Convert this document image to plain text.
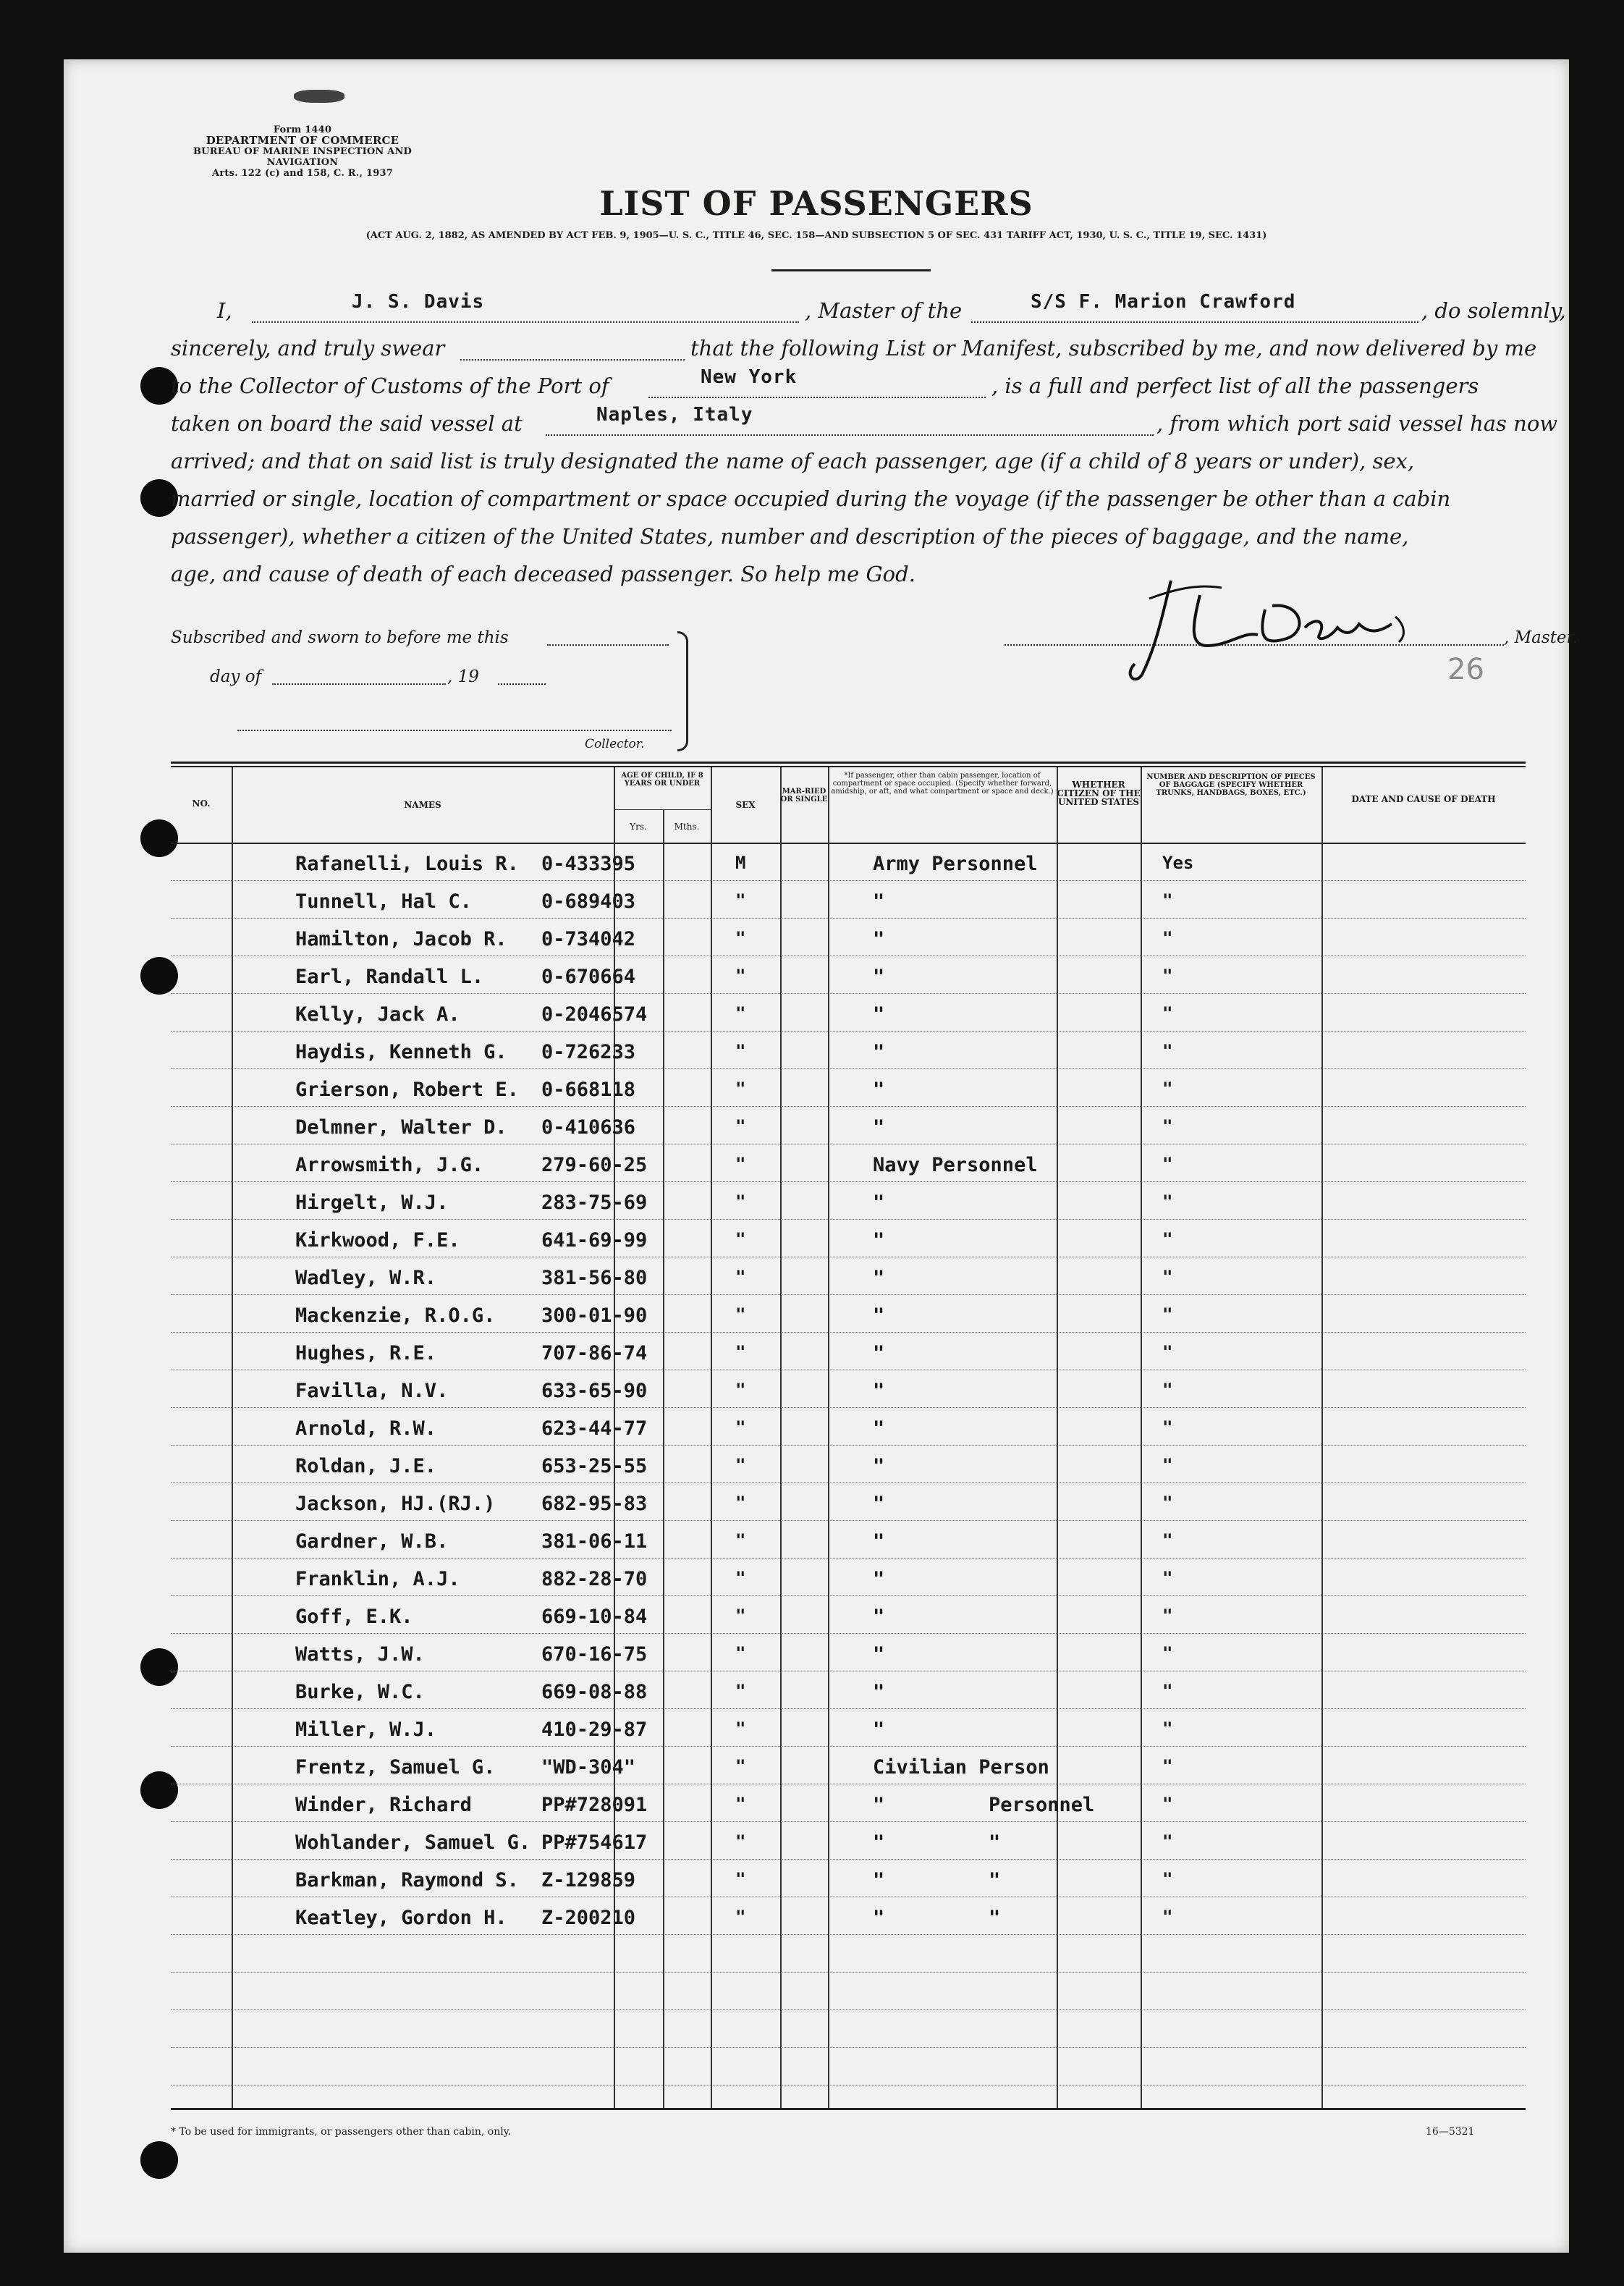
Form 1440
DEPARTMENT OF COMMERCE
BUREAU OF MARINE INSPECTION AND NAVIGATION
Arts. 122 (c) and 158, C. R., 1937
LIST OF PASSENGERS
(ACT AUG. 2, 1882, AS AMENDED BY ACT FEB. 9, 1905—U. S. C., TITLE 46, SEC. 158—AND SUBSECTION 5 OF SEC. 431 TARIFF ACT, 1930, U. S. C., TITLE 19, SEC. 1431)
I,	J. S. Davis	, Master of the	S/S F. Marion Crawford	, do solemnly,
sincerely, and truly swear	that the following List or Manifest, subscribed by me, and now delivered by me
to the Collector of Customs of the Port of	New York	, is a full and perfect list of all the passengers
taken on board the said vessel at	Naples, Italy	, from which port said vessel has now
arrived; and that on said list is truly designated the name of each passenger, age (if a child of 8 years or under), sex,
married or single, location of compartment or space occupied during the voyage (if the passenger be other than a cabin
passenger), whether a citizen of the United States, number and description of the pieces of baggage, and the name,
age, and cause of death of each deceased passenger. So help me God.
, Master.
26
Subscribed and sworn to before me this
day of	, 19
Collector.
NO.	NAMES
AGE OF CHILD, IF 8 YEARS OR UNDER
Yrs.	Mths.
SEX
MAR-RIED OR SINGLE
*If passenger, other than cabin passenger, location of compartment or space occupied. (Specify whether forward, amidship, or aft, and what compartment or space and deck.)
WHETHER CITIZEN OF THE UNITED STATES
NUMBER AND DESCRIPTION OF PIECES OF BAGGAGE (SPECIFY WHETHER TRUNKS, HANDBAGS, BOXES, ETC.)
DATE AND CAUSE OF DEATH
Rafanelli, Louis R. 0-433395	M	Army Personnel	Yes
Tunnell, Hal C.	0-689403	"	"	"
Hamilton, Jacob R. 0-734042	"	"	"
Earl, Randall L.	0-670664	"	"	"
Kelly, Jack A.	0-2046574	"	"	"
Haydis, Kenneth G. 0-726233	"	"	"
Grierson, Robert E. 0-668118	"	"	"
Delmner, Walter D. 0-410636	"	"	"
Arrowsmith, J.G.	279-60-25	"	Navy Personnel	"
Hirgelt, W.J.	283-75-69	"	"	"
Kirkwood, F.E.	641-69-99	"	"	"
Wadley, W.R.	381-56-80	"	"	"
Mackenzie, R.O.G. 300-01-90	"	"	"
Hughes, R.E.	707-86-74	"	"	"
Favilla, N.V.	633-65-90	"	"	"
Arnold, R.W.	623-44-77	"	"	"
Roldan, J.E.	653-25-55	"	"	"
Jackson, HJ.(RJ.) 682-95-83	"	"	"
Gardner, W.B.	381-06-11	"	"	"
Franklin, A.J.	882-28-70	"	"	"
Goff, E.K.	669-10-84	"	"	"
Watts, J.W.	670-16-75	"	"	"
Burke, W.C.	669-08-88	"	"	"
Miller, W.J.	410-29-87	"	"	"
Frentz, Samuel G. "WD-304"	"	Civilian Person	"
Winder, Richard	PP#728091	"	"	Personnel	"
Wohlander, Samuel G. PP#754617	"	"	"	"
Barkman, Raymond S. Z-129859	"	"	"	"
Keatley, Gordon H. Z-200210	"	"	"	"
* To be used for immigrants, or passengers other than cabin, only.	16—5321
